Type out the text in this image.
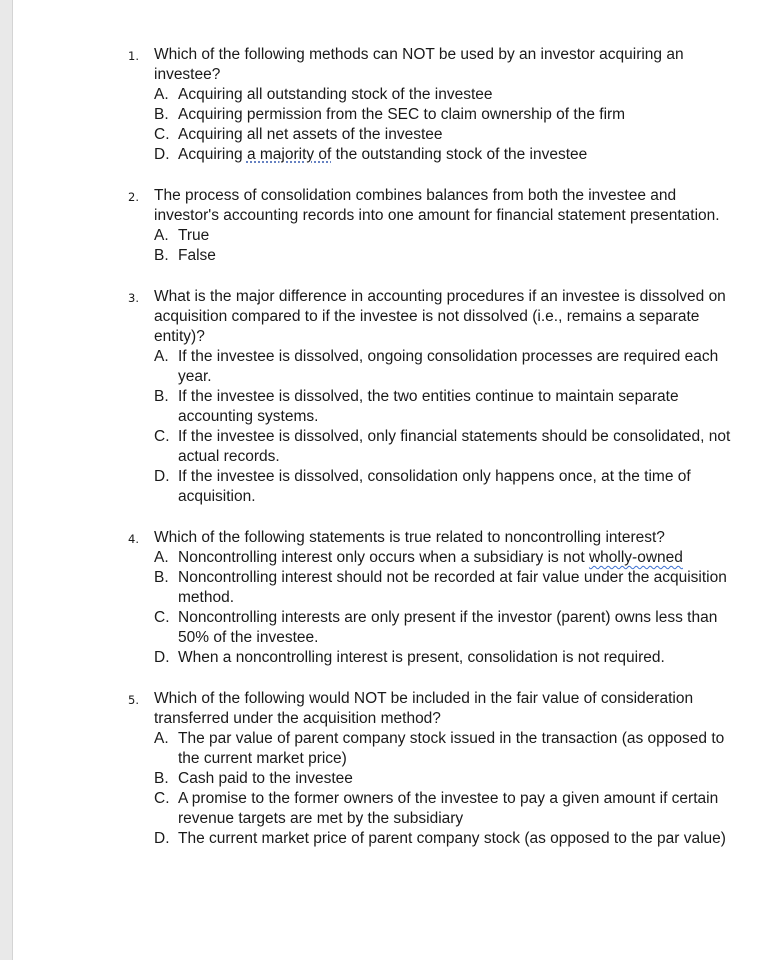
1. Which of the following methods can NOT be used by an investor acquiring an investee?

A. Acquiring all outstanding stock of the investee
B. Acquiring permission from the SEC to claim ownership of the firm
C. Acquiring all net assets of the investee
D. Acquiring a majority of the outstanding stock of the investee
2. The process of consolidation combines balances from both the investee and investor's accounting records into one amount for financial statement presentation.

A. True
B. False
3. What is the major difference in accounting procedures if an investee is dissolved on acquisition compared to if the investee is not dissolved (i.e., remains a separate entity)?

A. If the investee is dissolved, ongoing consolidation processes are required each year.
B. If the investee is dissolved, the two entities continue to maintain separate accounting systems.
C. If the investee is dissolved, only financial statements should be consolidated, not actual records.
D. If the investee is dissolved, consolidation only happens once, at the time of acquisition.
4. Which of the following statements is true related to noncontrolling interest?

A. Noncontrolling interest only occurs when a subsidiary is not wholly-owned
B. Noncontrolling interest should not be recorded at fair value under the acquisition method.
C. Noncontrolling interests are only present if the investor (parent) owns less than 50% of the investee.
D. When a noncontrolling interest is present, consolidation is not required.
5. Which of the following would NOT be included in the fair value of consideration transferred under the acquisition method?

A. The par value of parent company stock issued in the transaction (as opposed to the current market price)
B. Cash paid to the investee
C. A promise to the former owners of the investee to pay a given amount if certain revenue targets are met by the subsidiary
D. The current market price of parent company stock (as opposed to the par value)
